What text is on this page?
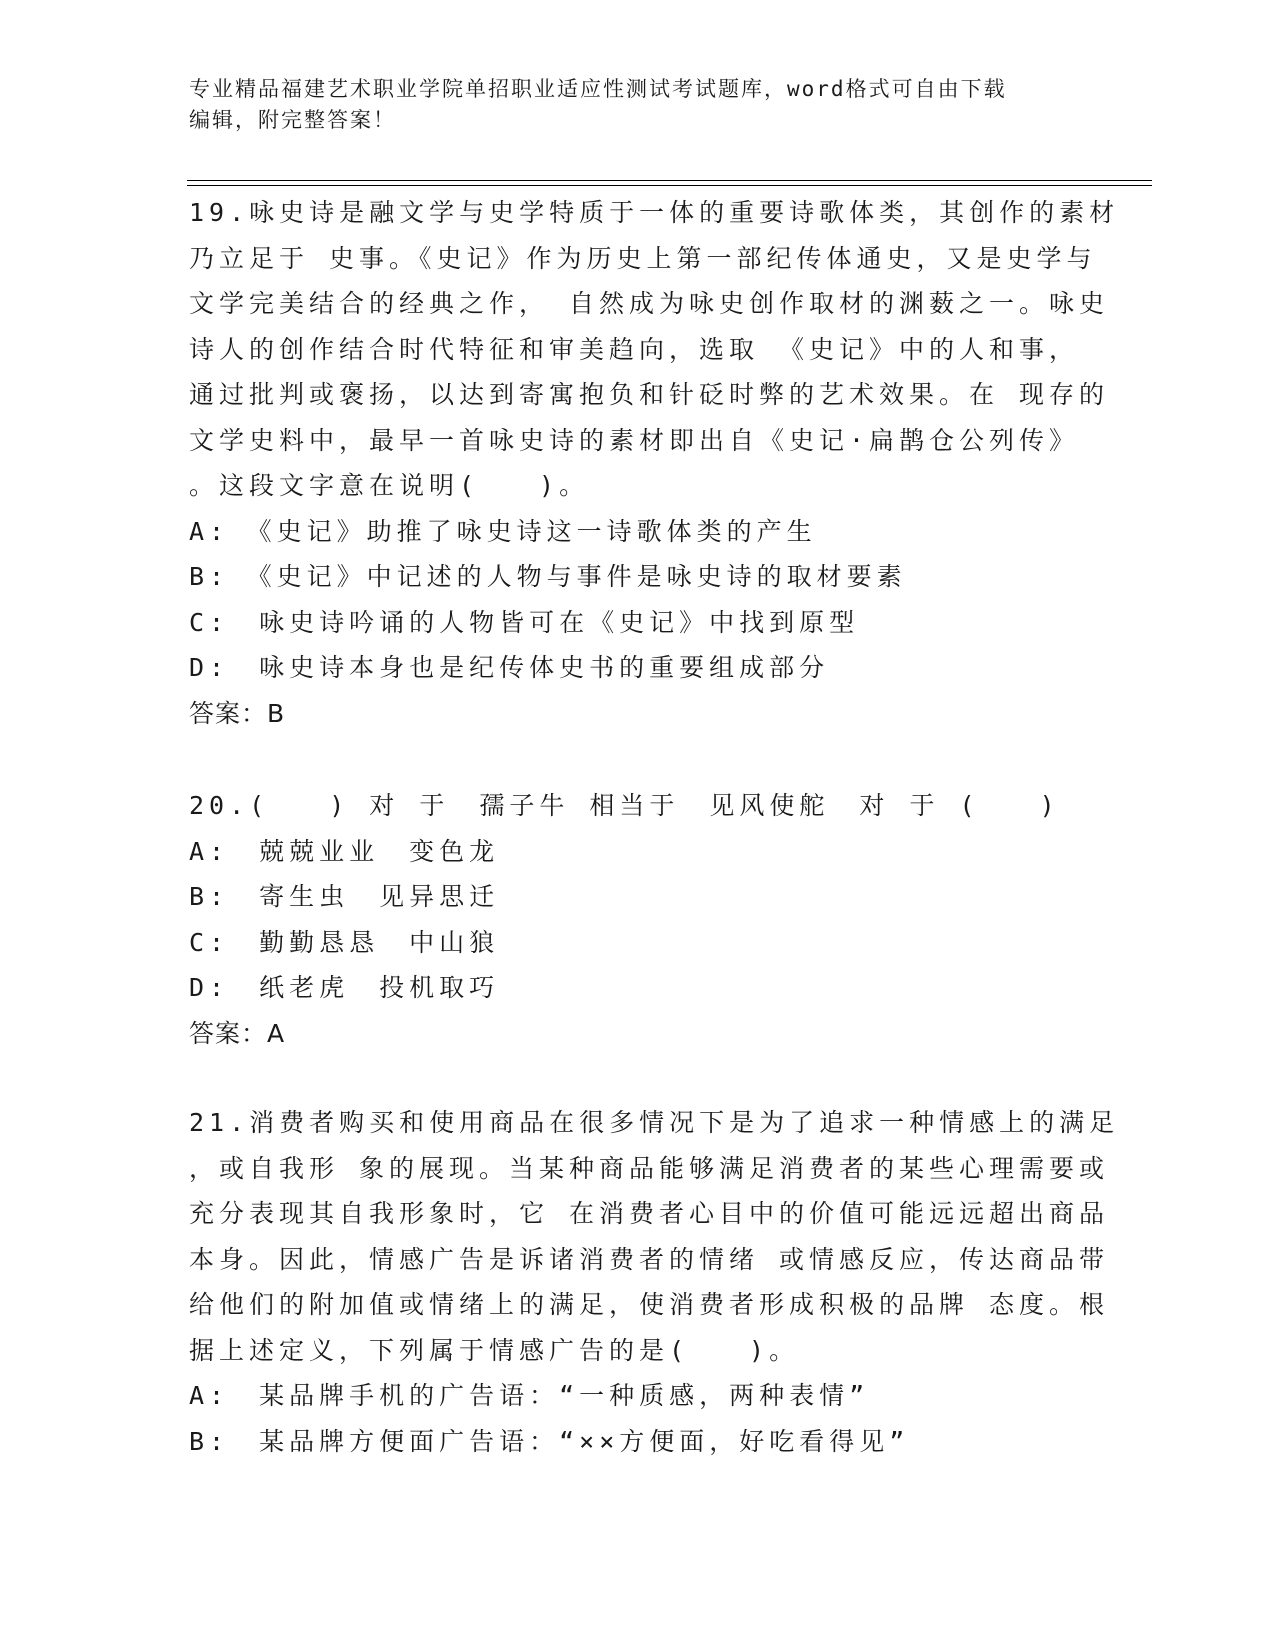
专业精品福建艺术职业学院单招职业适应性测试考试题库，word格式可自由下载
编辑，附完整答案！
19.咏史诗是融文学与史学特质于一体的重要诗歌体类，其创作的素材
乃立足于 史事。《史记》作为历史上第一部纪传体通史，又是史学与
文学完美结合的经典之作， 自然成为咏史创作取材的渊薮之一。咏史
诗人的创作结合时代特征和审美趋向，选取 《史记》中的人和事，
通过批判或褒扬，以达到寄寓抱负和针砭时弊的艺术效果。在 现存的
文学史料中，最早一首咏史诗的素材即出自《史记·扁鹊仓公列传》
。这段文字意在说明(　　)。
A:　《史记》助推了咏史诗这一诗歌体类的产生
B:　《史记》中记述的人物与事件是咏史诗的取材要素
C:　咏史诗吟诵的人物皆可在《史记》中找到原型
D:　咏史诗本身也是纪传体史书的重要组成部分
答案：B
20.(　　) 对 于　孺子牛 相当于　见风使舵　对 于 (　　)
A:　兢兢业业　变色龙
B:　寄生虫　见异思迁
C:　勤勤恳恳　中山狼
D:　纸老虎　投机取巧
答案：A
21.消费者购买和使用商品在很多情况下是为了追求一种情感上的满足
，或自我形 象的展现。当某种商品能够满足消费者的某些心理需要或
充分表现其自我形象时，它 在消费者心目中的价值可能远远超出商品
本身。因此，情感广告是诉诸消费者的情绪 或情感反应，传达商品带
给他们的附加值或情绪上的满足，使消费者形成积极的品牌 态度。根
据上述定义，下列属于情感广告的是(　　)。
A:　某品牌手机的广告语：“一种质感，两种表情”
B:　某品牌方便面广告语：“××方便面，好吃看得见”
